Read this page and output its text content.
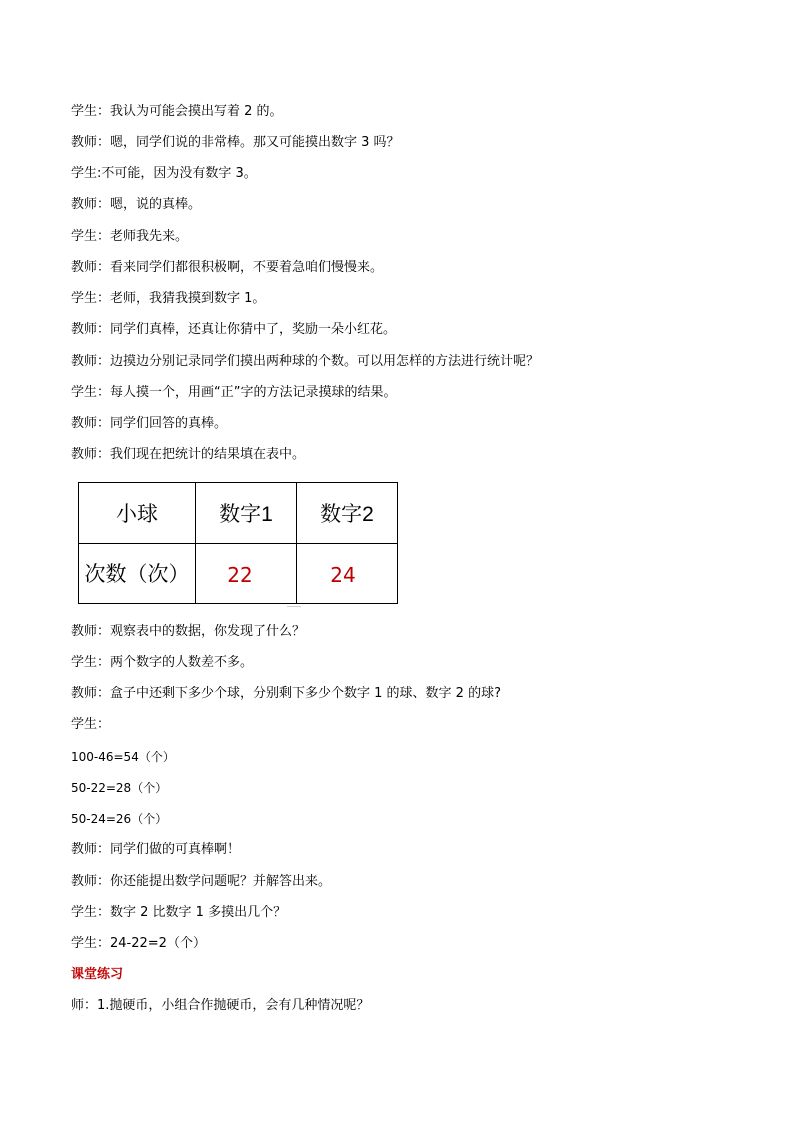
学生：我认为可能会摸出写着 2 的。
教师：嗯，同学们说的非常棒。那又可能摸出数字 3 吗？
学生:不可能，因为没有数字 3。
教师：嗯，说的真棒。
学生：老师我先来。
教师：看来同学们都很积极啊，不要着急咱们慢慢来。
学生：老师，我猜我摸到数字 1。
教师：同学们真棒，还真让你猜中了，奖励一朵小红花。
教师：边摸边分别记录同学们摸出两种球的个数。可以用怎样的方法进行统计呢？
学生：每人摸一个，用画“正”字的方法记录摸球的结果。
教师：同学们回答的真棒。
教师：我们现在把统计的结果填在表中。
小球	数字1	数字2
次数（次）	22	24
教师：观察表中的数据，你发现了什么？
学生：两个数字的人数差不多。
教师：盒子中还剩下多少个球，分别剩下多少个数字 1 的球、数字 2 的球?
学生：
100-46=54（个）
50-22=28（个）
50-24=26（个）
教师：同学们做的可真棒啊！
教师：你还能提出数学问题呢？并解答出来。
学生：数字 2 比数字 1 多摸出几个？
学生：24-22=2（个）
课堂练习
师：1.抛硬币，小组合作抛硬币，会有几种情况呢？
